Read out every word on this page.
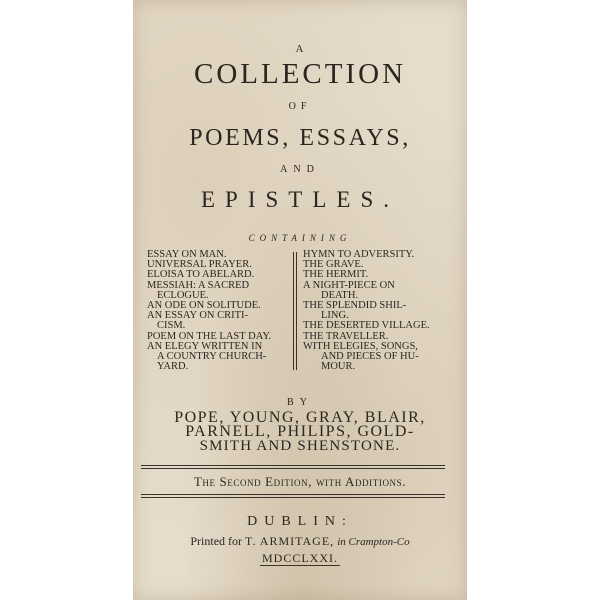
A
COLLECTION
OF
POEMS, ESSAYS,
AND
EPISTLES.
CONTAINING
ESSAY ON MAN.
UNIVERSAL PRAYER.
ELOISA TO ABELARD.
MESSIAH: A SACRED
ECLOGUE.
AN ODE ON SOLITUDE.
AN ESSAY ON CRITI-
CISM.
POEM ON THE LAST DAY.
AN ELEGY WRITTEN IN
A COUNTRY CHURCH-
YARD.
HYMN TO ADVERSITY.
THE GRAVE.
THE HERMIT.
A NIGHT-PIECE ON
DEATH.
THE SPLENDID SHIL-
LING.
THE DESERTED VILLAGE.
THE TRAVELLER.
WITH ELEGIES, SONGS,
AND PIECES OF HU-
MOUR.
BY
POPE, YOUNG, GRAY, BLAIR,
PARNELL, PHILIPS, GOLD-
SMITH AND SHENSTONE.
The Second Edition, with Additions.
DUBLIN:
Printed for T. ARMITAGE, in Crampton-Co
MDCCLXXI.
